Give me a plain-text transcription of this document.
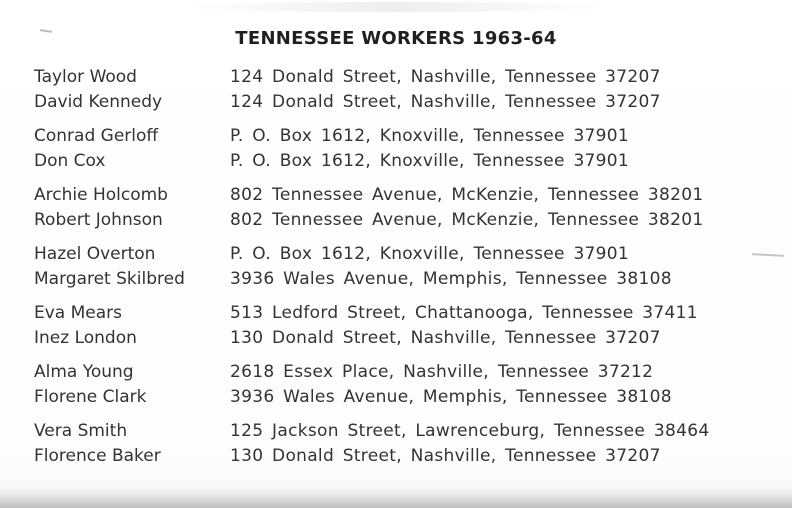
TENNESSEE WORKERS 1963-64
Taylor Wood	124 Donald Street, Nashville, Tennessee 37207
David Kennedy	124 Donald Street, Nashville, Tennessee 37207
Conrad Gerloff	P. O. Box 1612, Knoxville, Tennessee 37901
Don Cox	P. O. Box 1612, Knoxville, Tennessee 37901
Archie Holcomb	802 Tennessee Avenue, McKenzie, Tennessee 38201
Robert Johnson	802 Tennessee Avenue, McKenzie, Tennessee 38201
Hazel Overton	P. O. Box 1612, Knoxville, Tennessee 37901
Margaret Skilbred	3936 Wales Avenue, Memphis, Tennessee 38108
Eva Mears	513 Ledford Street, Chattanooga, Tennessee 37411
Inez London	130 Donald Street, Nashville, Tennessee 37207
Alma Young	2618 Essex Place, Nashville, Tennessee 37212
Florene Clark	3936 Wales Avenue, Memphis, Tennessee 38108
Vera Smith	125 Jackson Street, Lawrenceburg, Tennessee 38464
Florence Baker	130 Donald Street, Nashville, Tennessee 37207
